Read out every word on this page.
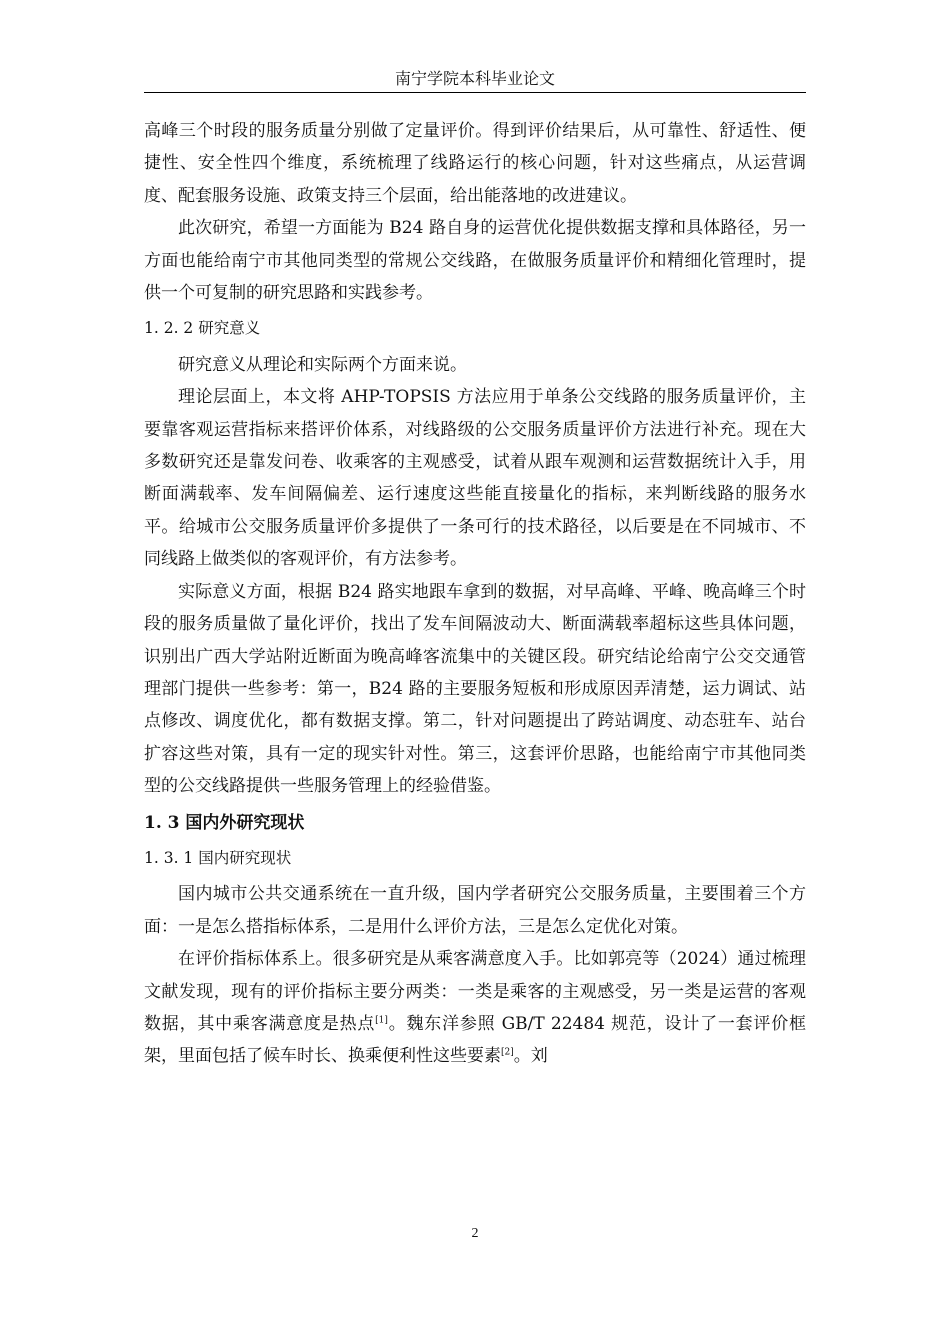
南宁学院本科毕业论文

高峰三个时段的服务质量分别做了定量评价。得到评价结果后，从可靠性、舒适性、便捷性、安全性四个维度，系统梳理了线路运行的核心问题，针对这些痛点，从运营调度、配套服务设施、政策支持三个层面，给出能落地的改进建议。

此次研究，希望一方面能为 B24 路自身的运营优化提供数据支撑和具体路径，另一方面也能给南宁市其他同类型的常规公交线路，在做服务质量评价和精细化管理时，提供一个可复制的研究思路和实践参考。

1. 2. 2 研究意义

研究意义从理论和实际两个方面来说。

理论层面上，本文将 AHP-TOPSIS 方法应用于单条公交线路的服务质量评价，主要靠客观运营指标来搭评价体系，对线路级的公交服务质量评价方法进行补充。现在大多数研究还是靠发问卷、收乘客的主观感受，试着从跟车观测和运营数据统计入手，用断面满载率、发车间隔偏差、运行速度这些能直接量化的指标，来判断线路的服务水平。给城市公交服务质量评价多提供了一条可行的技术路径，以后要是在不同城市、不同线路上做类似的客观评价，有方法参考。

实际意义方面，根据 B24 路实地跟车拿到的数据，对早高峰、平峰、晚高峰三个时段的服务质量做了量化评价，找出了发车间隔波动大、断面满载率超标这些具体问题，识别出广西大学站附近断面为晚高峰客流集中的关键区段。研究结论给南宁公交交通管理部门提供一些参考：第一，B24 路的主要服务短板和形成原因弄清楚，运力调试、站点修改、调度优化，都有数据支撑。第二，针对问题提出了跨站调度、动态驻车、站台扩容这些对策，具有一定的现实针对性。第三，这套评价思路，也能给南宁市其他同类型的公交线路提供一些服务管理上的经验借鉴。

1. 3 国内外研究现状

1. 3. 1 国内研究现状

国内城市公共交通系统在一直升级，国内学者研究公交服务质量，主要围着三个方面：一是怎么搭指标体系，二是用什么评价方法，三是怎么定优化对策。

在评价指标体系上。很多研究是从乘客满意度入手。比如郭亮等（2024）通过梳理文献发现，现有的评价指标主要分两类：一类是乘客的主观感受，另一类是运营的客观数据，其中乘客满意度是热点[1]。魏东洋参照 GB/T 22484 规范，设计了一套评价框架，里面包括了候车时长、换乘便利性这些要素[2]。刘

2
